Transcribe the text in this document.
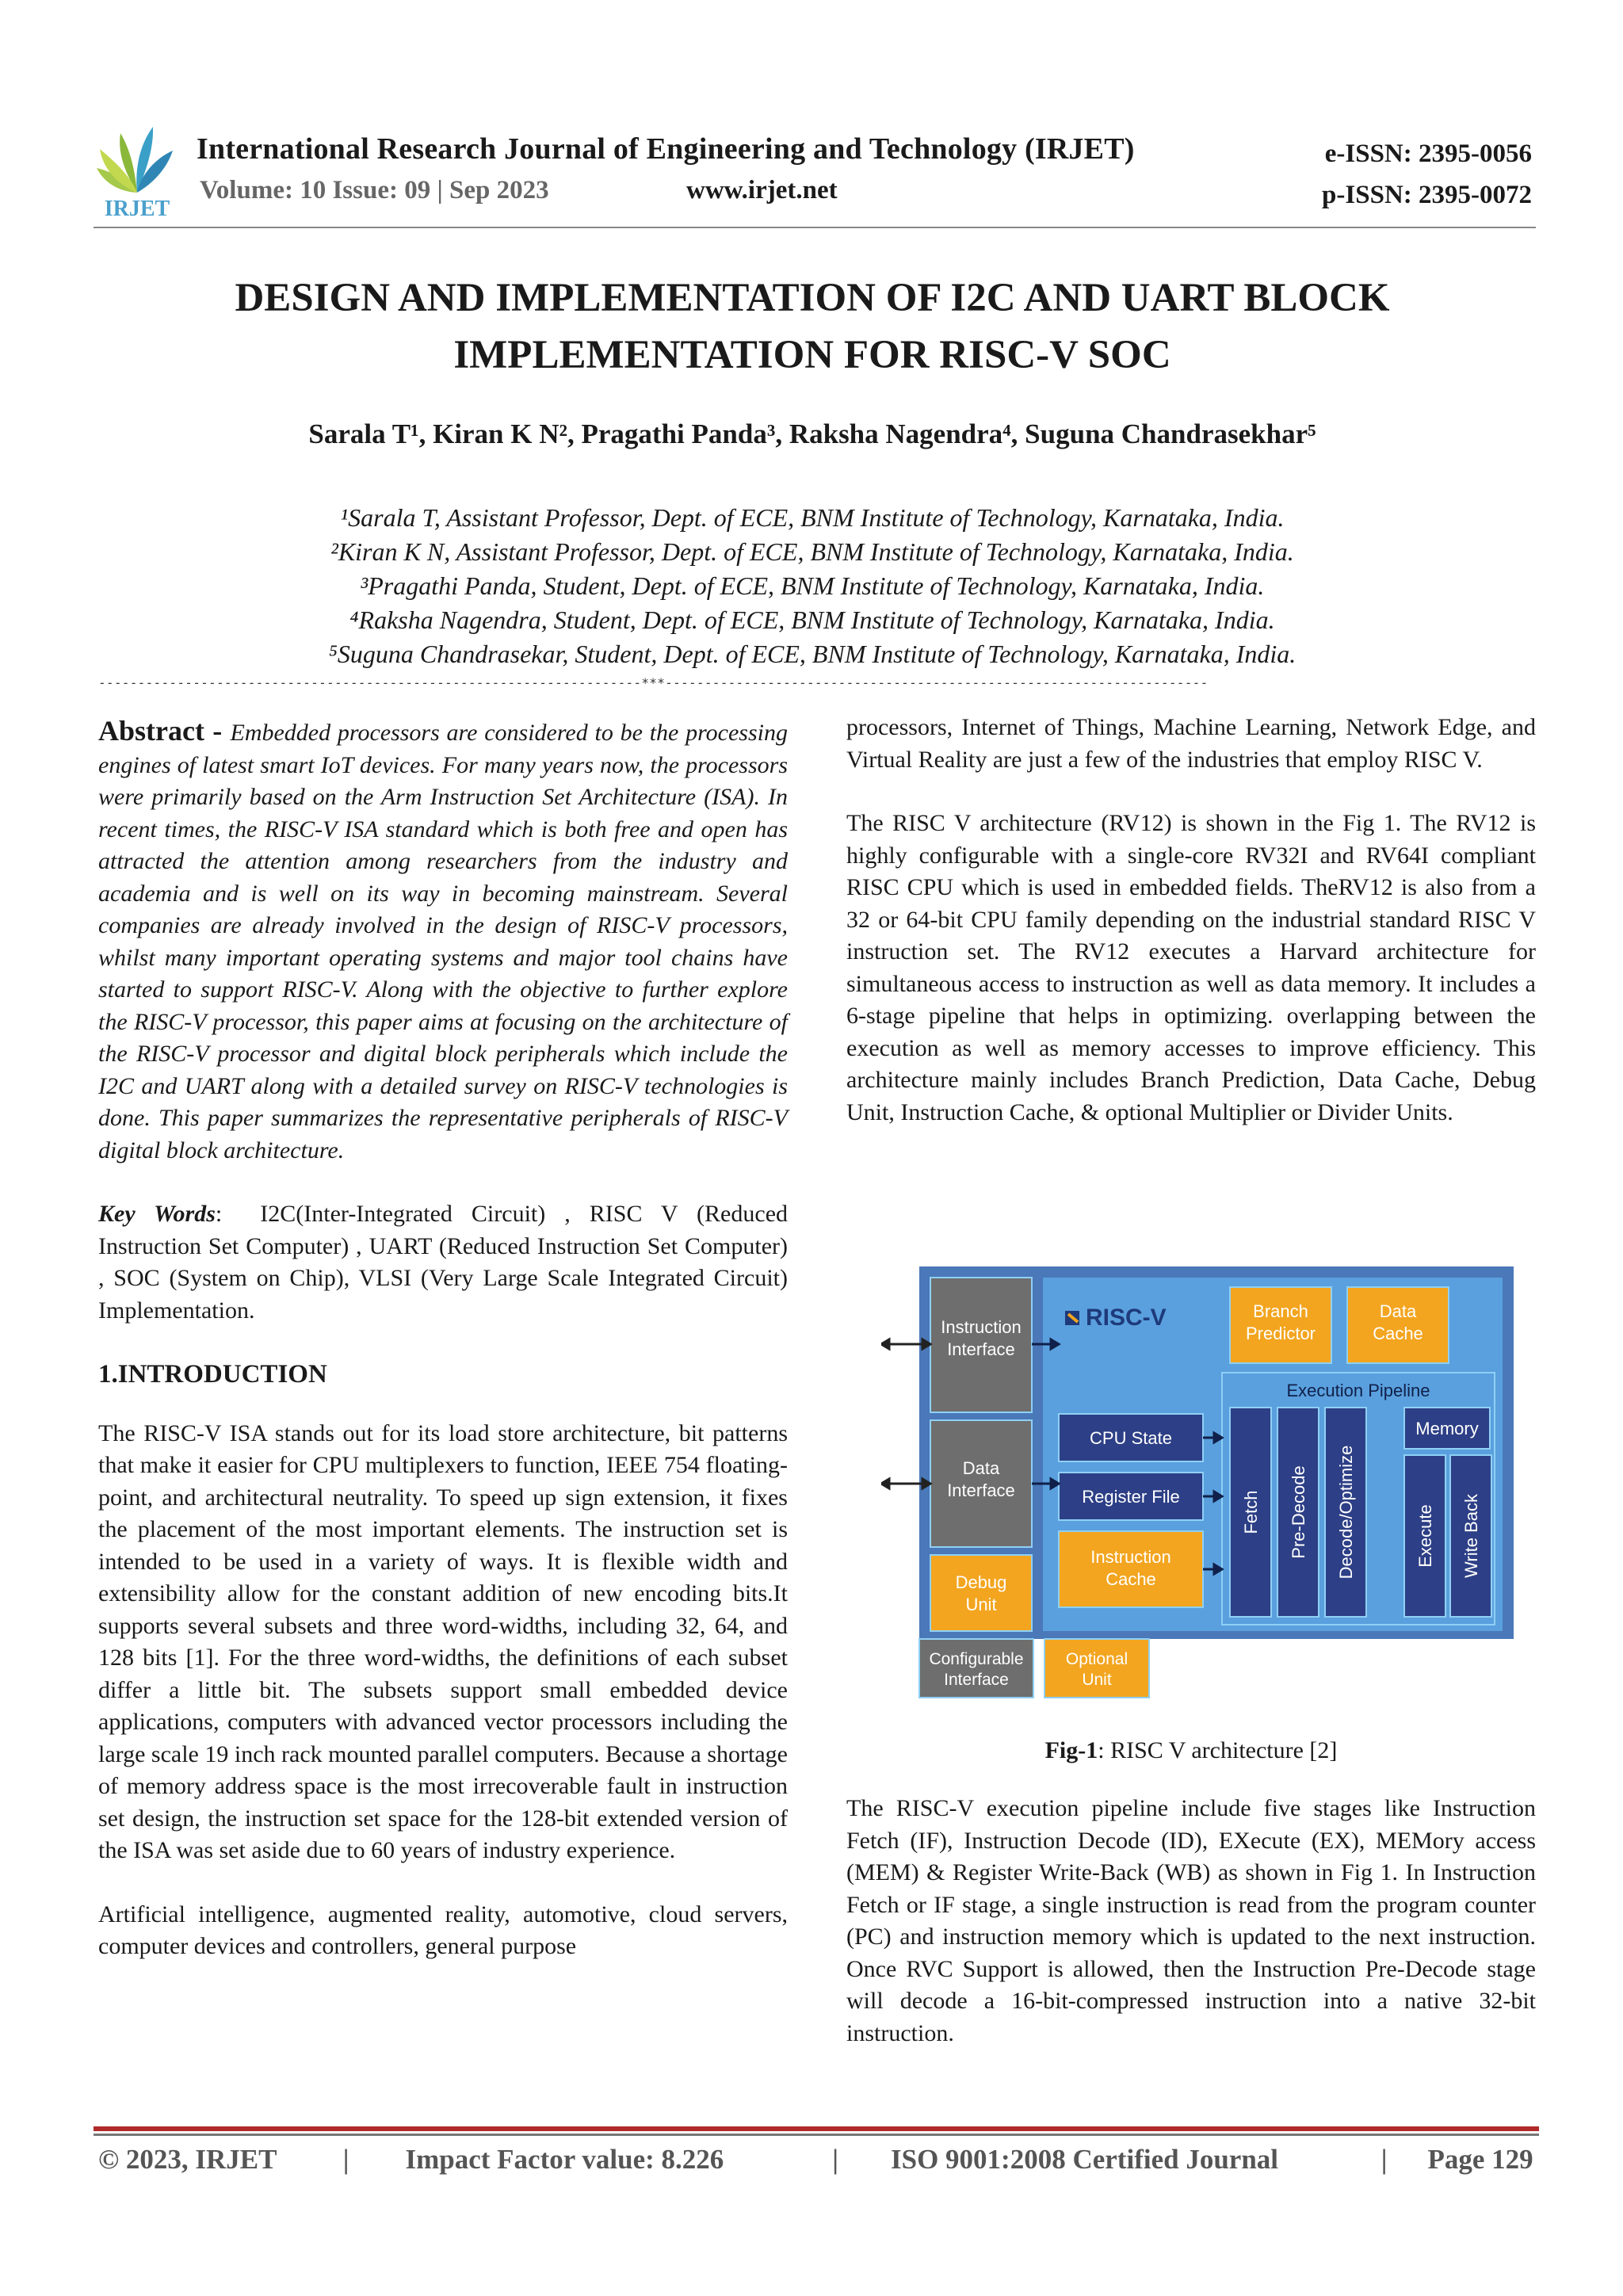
IRJET
International Research Journal of Engineering and Technology (IRJET)	e-ISSN: 2395-0056
p-ISSN: 2395-0072
Volume: 10 Issue: 09 | Sep 2023	www.irjet.net
DESIGN AND IMPLEMENTATION OF I2C AND UART BLOCK
IMPLEMENTATION FOR RISC-V SOC
Sarala T¹, Kiran K N², Pragathi Panda³, Raksha Nagendra⁴, Suguna Chandrasekhar⁵
¹Sarala T, Assistant Professor, Dept. of ECE, BNM Institute of Technology, Karnataka, India.
²Kiran K N, Assistant Professor, Dept. of ECE, BNM Institute of Technology, Karnataka, India.
³Pragathi Panda, Student, Dept. of ECE, BNM Institute of Technology, Karnataka, India.
⁴Raksha Nagendra, Student, Dept. of ECE, BNM Institute of Technology, Karnataka, India.
⁵Suguna Chandrasekar, Student, Dept. of ECE, BNM Institute of Technology, Karnataka, India.
---------------------------------------------------------------------***---------------------------------------------------------------------

Abstract - Embedded processors are considered to be the processing engines of latest smart IoT devices. For many years now, the processors were primarily based on the Arm Instruction Set Architecture (ISA). In recent times, the RISC-V ISA standard which is both free and open has attracted the attention among researchers from the industry and academia and is well on its way in becoming mainstream. Several companies are already involved in the design of RISC-V processors, whilst many important operating systems and major tool chains have started to support RISC-V. Along with the objective to further explore the RISC-V processor, this paper aims at focusing on the architecture of the RISC-V processor and digital block peripherals which include the I2C and UART along with a detailed survey on RISC-V technologies is done. This paper summarizes the representative peripherals of RISC-V digital block architecture.

Key Words: I2C(Inter-Integrated Circuit) , RISC V (Reduced Instruction Set Computer) , UART (Reduced Instruction Set Computer) , SOC (System on Chip), VLSI (Very Large Scale Integrated Circuit) Implementation.

1.INTRODUCTION

The RISC-V ISA stands out for its load store architecture, bit patterns that make it easier for CPU multiplexers to function, IEEE 754 floating-point, and architectural neutrality. To speed up sign extension, it fixes the placement of the most important elements. The instruction set is intended to be used in a variety of ways. It is flexible width and extensibility allow for the constant addition of new encoding bits.It supports several subsets and three word-widths, including 32, 64, and 128 bits [1]. For the three word-widths, the definitions of each subset differ a little bit. The subsets support small embedded device applications, computers with advanced vector processors including the large scale 19 inch rack mounted parallel computers. Because a shortage of memory address space is the most irrecoverable fault in instruction set design, the instruction set space for the 128-bit extended version of the ISA was set aside due to 60 years of industry experience.

Artificial intelligence, augmented reality, automotive, cloud servers, computer devices and controllers, general purpose

processors, Internet of Things, Machine Learning, Network Edge, and Virtual Reality are just a few of the industries that employ RISC V.

The RISC V architecture (RV12) is shown in the Fig 1. The RV12 is highly configurable with a single-core RV32I and RV64I compliant RISC CPU which is used in embedded fields. TheRV12 is also from a 32 or 64-bit CPU family depending on the industrial standard RISC V instruction set. The RV12 executes a Harvard architecture for simultaneous access to instruction as well as data memory. It includes a 6-stage pipeline that helps in optimizing. overlapping between the execution as well as memory accesses to improve efficiency. This architecture mainly includes Branch Prediction, Data Cache, Debug Unit, Instruction Cache, & optional Multiplier or Divider Units.

Instruction
Interface
Data
Interface
Debug
Unit
RISC-V	Branch
Predictor
Data
Cache
Execution Pipeline
CPU State
Register File
Instruction
Cache
Memory
Fetch Pre-Decode Decode/Optimize	Execute Write Back
Configurable
Interface
Optional
Unit
Fig-1: RISC V architecture [2]

The RISC-V execution pipeline include five stages like Instruction Fetch (IF), Instruction Decode (ID), EXecute (EX), MEMory access (MEM) & Register Write-Back (WB) as shown in Fig 1. In Instruction Fetch or IF stage, a single instruction is read from the program counter (PC) and instruction memory which is updated to the next instruction. Once RVC Support is allowed, then the Instruction Pre-Decode stage will decode a 16-bit-compressed instruction into a native 32-bit instruction.

© 2023, IRJET | Impact Factor value: 8.226	| ISO 9001:2008 Certified Journal	| Page 129
